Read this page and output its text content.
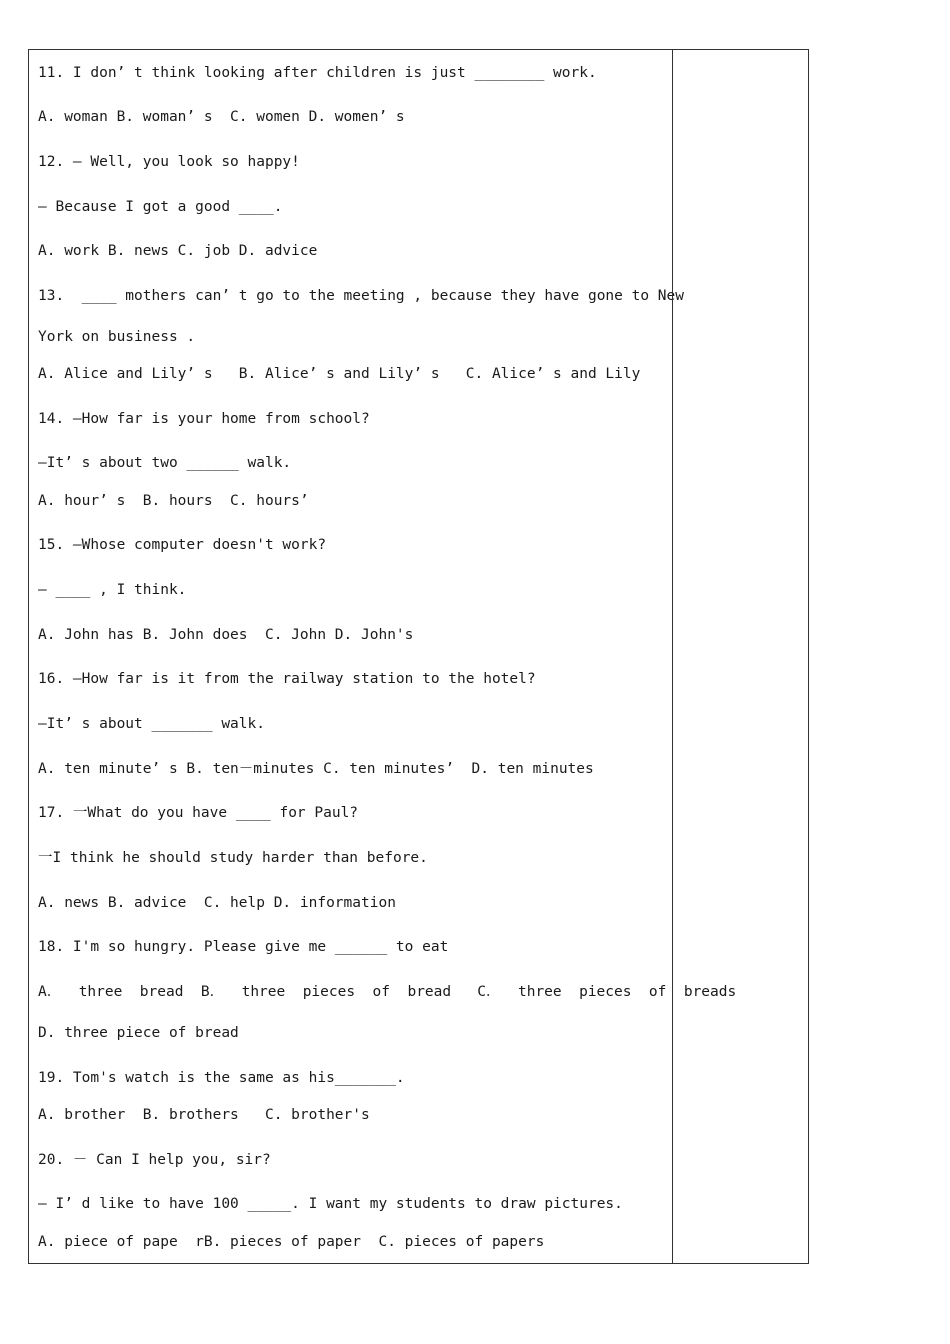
11. I don’ t think looking after children is just ________ work.
A. woman B. woman’ s  C. women D. women’ s
12. — Well, you look so happy!
— Because I got a good ____.
A. work B. news C. job D. advice
13.  ____ mothers can’ t go to the meeting , because they have gone to New
York on business .
A. Alice and Lily’ s   B. Alice’ s and Lily’ s   C. Alice’ s and Lily
14. —How far is your home from school?
—It’ s about two ______ walk.
A. hour’ s  B. hours  C. hours’
15. —Whose computer doesn't work?
— ____ , I think.
A. John has B. John does  C. John D. John's
16. —How far is it from the railway station to the hotel?
—It’ s about _______ walk.
A. ten minute’ s B. ten－minutes C. ten minutes’  D. ten minutes
17. 一What do you have ____ for Paul?
一I think he should study harder than before.
A. news B. advice  C. help D. information
18. I'm so hungry. Please give me ______ to eat
A．  three  bread  B．  three  pieces  of  bread   C．  three  pieces  of  breads
D. three piece of bread
19. Tom's watch is the same as his_______.
A. brother  B. brothers   C. brother's
20. － Can I help you, sir?
— I’ d like to have 100 _____. I want my students to draw pictures.
A. piece of pape  rB. pieces of paper  C. pieces of papers
